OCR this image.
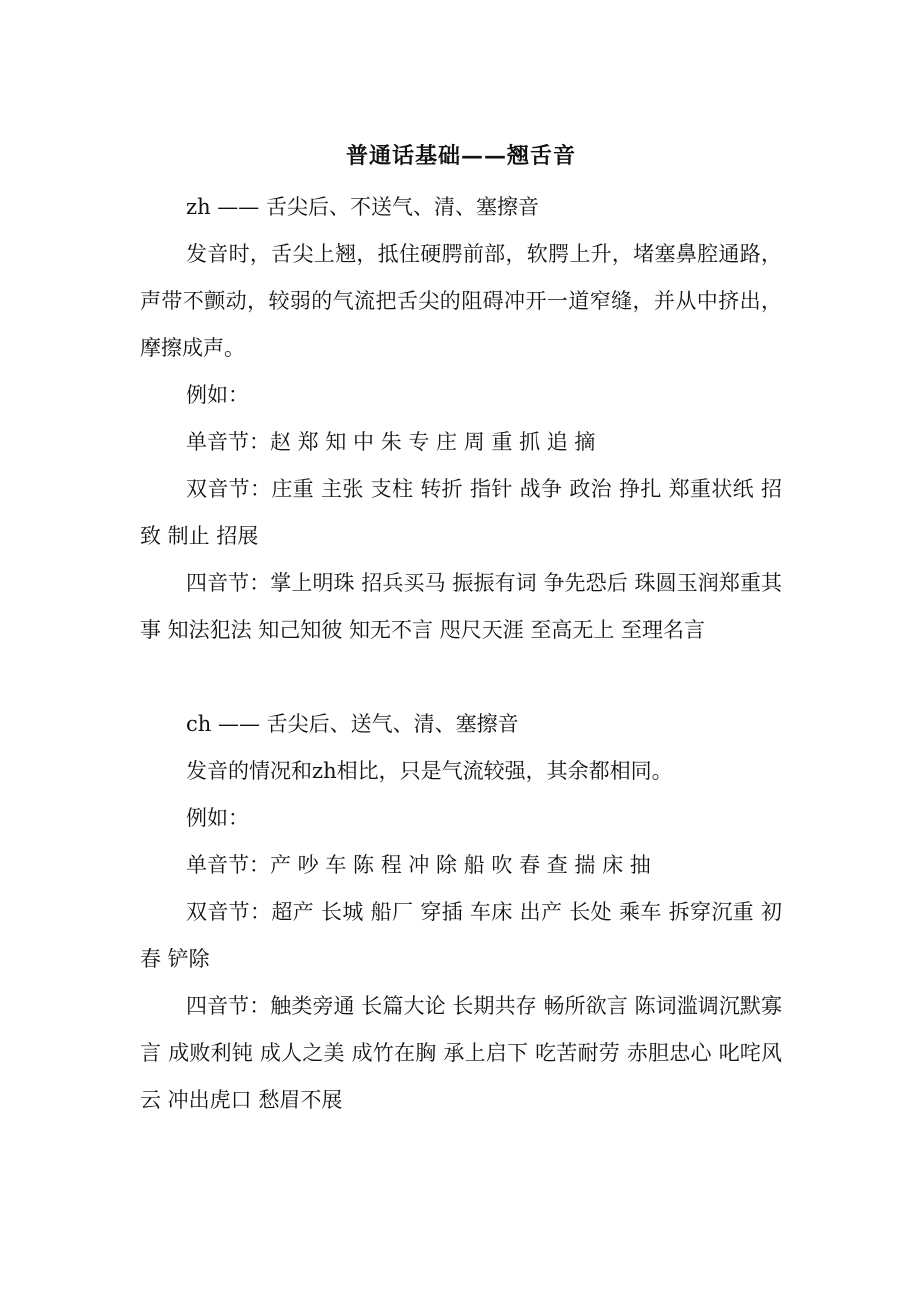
普通话基础——翘舌音

zh —— 舌尖后、不送气、清、塞擦音

发音时，舌尖上翘，抵住硬腭前部，软腭上升，堵塞鼻腔通路，声带不颤动，较弱的气流把舌尖的阻碍冲开一道窄缝，并从中挤出，摩擦成声。

例如：

单音节：赵 郑 知 中 朱 专 庄 周 重 抓 追 摘

双音节：庄重 主张 支柱 转折 指针 战争 政治 挣扎 郑重状纸 招致 制止 招展

四音节：掌上明珠 招兵买马 振振有词 争先恐后 珠圆玉润郑重其事 知法犯法 知己知彼 知无不言 咫尺天涯 至高无上 至理名言

ch —— 舌尖后、送气、清、塞擦音

发音的情况和zh相比，只是气流较强，其余都相同。

例如：

单音节：产 吵 车 陈 程 冲 除 船 吹 春 查 揣 床 抽

双音节：超产 长城 船厂 穿插 车床 出产 长处 乘车 拆穿沉重 初春 铲除

四音节：触类旁通 长篇大论 长期共存 畅所欲言 陈词滥调沉默寡言 成败利钝 成人之美 成竹在胸 承上启下 吃苦耐劳 赤胆忠心 叱咤风云 冲出虎口 愁眉不展
